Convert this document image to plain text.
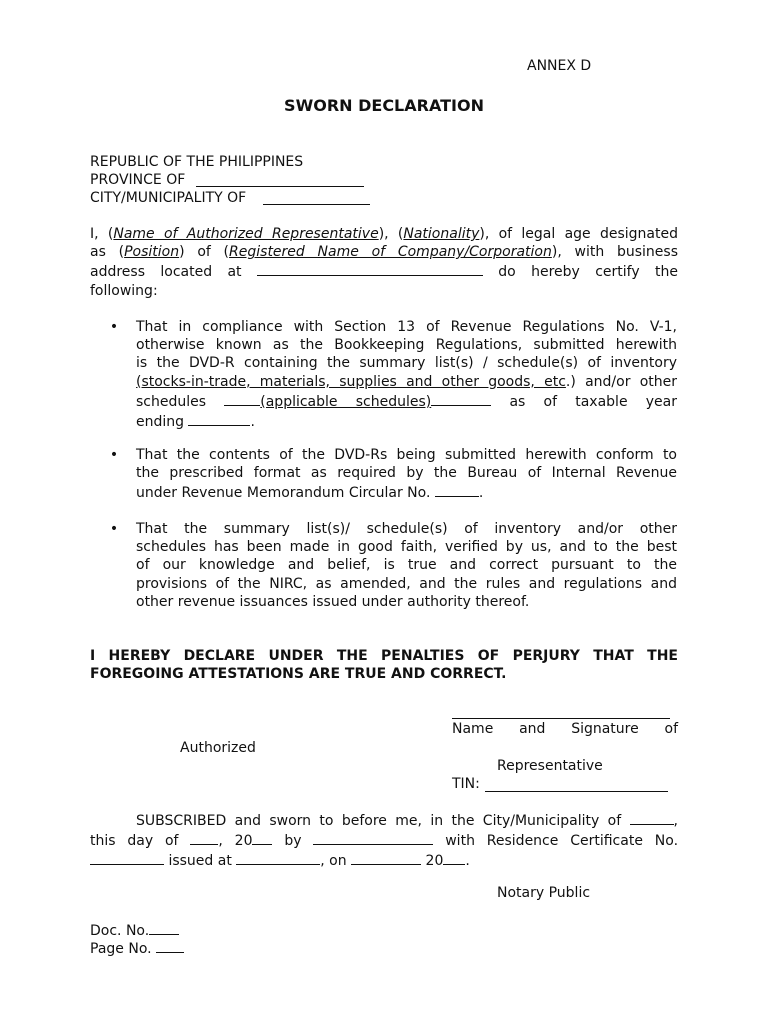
ANNEX D
SWORN DECLARATION
REPUBLIC OF THE PHILIPPINES
PROVINCE OF
CITY/MUNICIPALITY OF
I, (Name of Authorized Representative), (Nationality), of legal age designated
as (Position) of (Registered Name of Company/Corporation), with business
address located at	do hereby certify the
following:
• That in compliance with Section 13 of Revenue Regulations No. V-1,
otherwise known as the Bookkeeping Regulations, submitted herewith
is the DVD-R containing the summary list(s) / schedule(s) of inventory
(stocks-in-trade, materials, supplies and other goods, etc.) and/or other
schedules	(applicable schedules)	as of taxable year
ending	.
• That the contents of the DVD-Rs being submitted herewith conform to
the prescribed format as required by the Bureau of Internal Revenue
under Revenue Memorandum Circular No.	.
• That the summary list(s)/ schedule(s) of inventory and/or other
schedules has been made in good faith, verified by us, and to the best
of our knowledge and belief, is true and correct pursuant to the
provisions of the NIRC, as amended, and the rules and regulations and
other revenue issuances issued under authority thereof.
I HEREBY DECLARE UNDER THE PENALTIES OF PERJURY THAT THE
FOREGOING ATTESTATIONS ARE TRUE AND CORRECT.
Name and Signature of
Authorized
Representative
TIN:
SUBSCRIBED and sworn to before me, in the City/Municipality of	,
this day of	, 20 by	with Residence Certificate No.
issued at	, on	20 .
Notary Public
Doc. No.
Page No.
